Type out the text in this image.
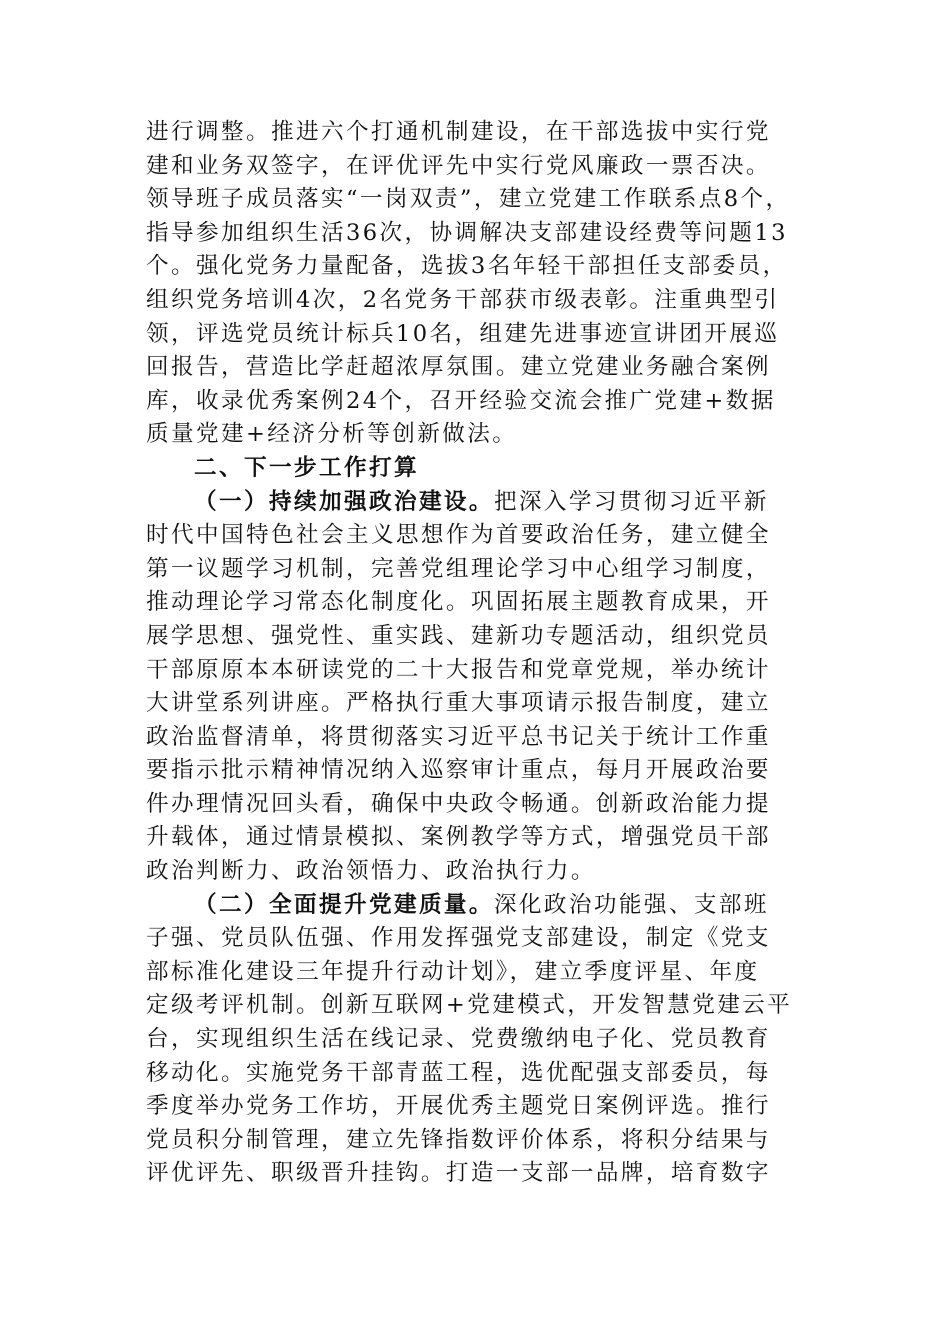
进行调整。推进六个打通机制建设，在干部选拔中实行党
建和业务双签字，在评优评先中实行党风廉政一票否决。
领导班子成员落实“一岗双责”，建立党建工作联系点8个，
指导参加组织生活36次，协调解决支部建设经费等问题13
个。强化党务力量配备，选拔3名年轻干部担任支部委员，
组织党务培训4次，2名党务干部获市级表彰。注重典型引
领，评选党员统计标兵10名，组建先进事迹宣讲团开展巡
回报告，营造比学赶超浓厚氛围。建立党建业务融合案例
库，收录优秀案例24个，召开经验交流会推广党建+数据
质量党建+经济分析等创新做法。
二、下一步工作打算
（一）持续加强政治建设。把深入学习贯彻习近平新
时代中国特色社会主义思想作为首要政治任务，建立健全
第一议题学习机制，完善党组理论学习中心组学习制度，
推动理论学习常态化制度化。巩固拓展主题教育成果，开
展学思想、强党性、重实践、建新功专题活动，组织党员
干部原原本本研读党的二十大报告和党章党规，举办统计
大讲堂系列讲座。严格执行重大事项请示报告制度，建立
政治监督清单，将贯彻落实习近平总书记关于统计工作重
要指示批示精神情况纳入巡察审计重点，每月开展政治要
件办理情况回头看，确保中央政令畅通。创新政治能力提
升载体，通过情景模拟、案例教学等方式，增强党员干部
政治判断力、政治领悟力、政治执行力。
（二）全面提升党建质量。深化政治功能强、支部班
子强、党员队伍强、作用发挥强党支部建设，制定《党支
部标准化建设三年提升行动计划》，建立季度评星、年度
定级考评机制。创新互联网+党建模式，开发智慧党建云平
台，实现组织生活在线记录、党费缴纳电子化、党员教育
移动化。实施党务干部青蓝工程，选优配强支部委员，每
季度举办党务工作坊，开展优秀主题党日案例评选。推行
党员积分制管理，建立先锋指数评价体系，将积分结果与
评优评先、职级晋升挂钩。打造一支部一品牌，培育数字
